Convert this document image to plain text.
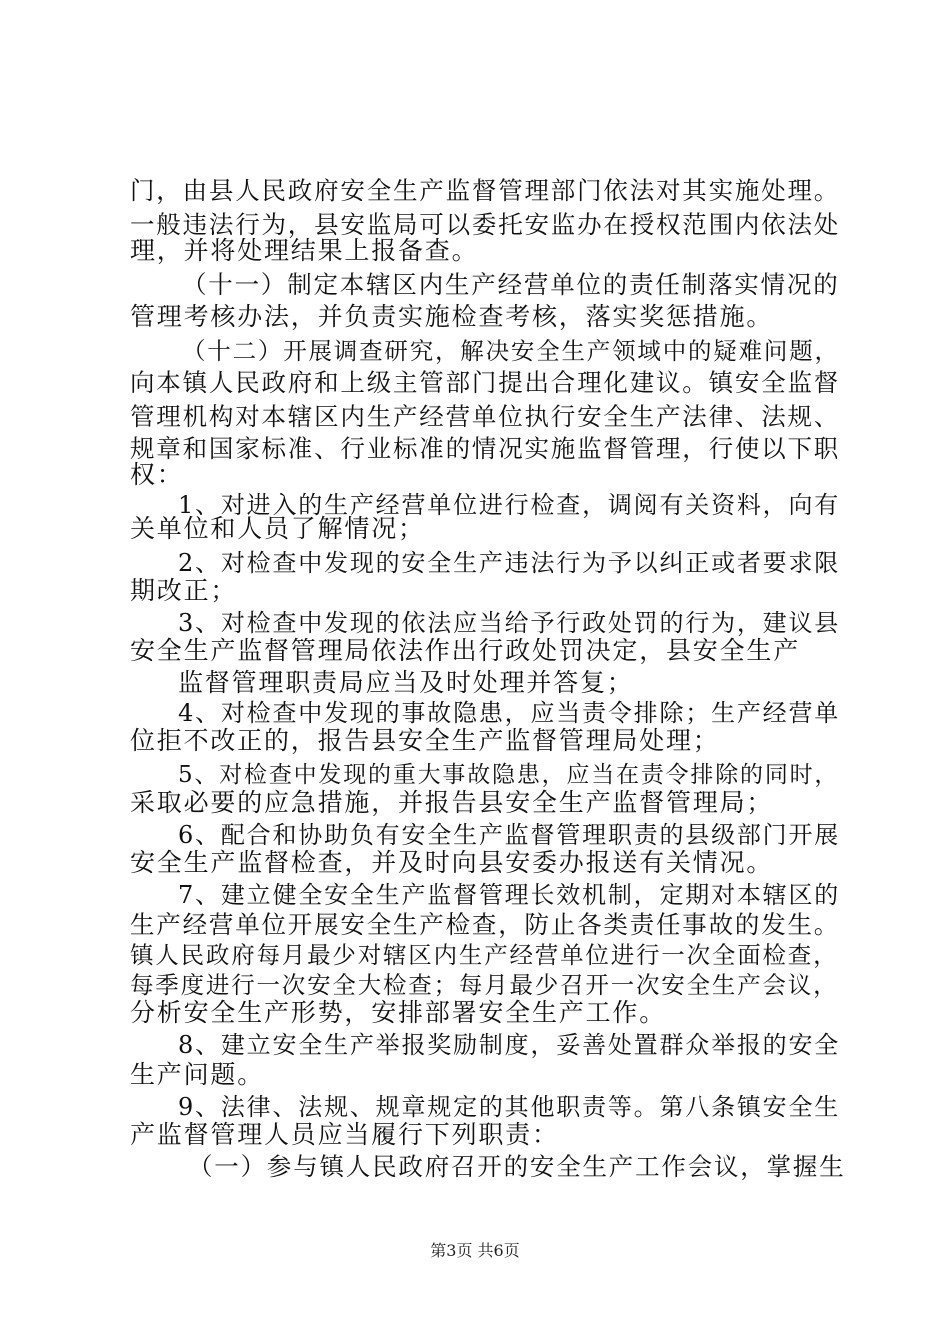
门，由县人民政府安全生产监督管理部门依法对其实施处理。
一般违法行为，县安监局可以委托安监办在授权范围内依法处
理，并将处理结果上报备查。
（十一）制定本辖区内生产经营单位的责任制落实情况的
管理考核办法，并负责实施检查考核，落实奖惩措施。
（十二）开展调查研究，解决安全生产领域中的疑难问题，
向本镇人民政府和上级主管部门提出合理化建议。镇安全监督
管理机构对本辖区内生产经营单位执行安全生产法律、法规、
规章和国家标准、行业标准的情况实施监督管理，行使以下职
权：
1、对进入的生产经营单位进行检查，调阅有关资料，向有
关单位和人员了解情况；
2、对检查中发现的安全生产违法行为予以纠正或者要求限
期改正；
3、对检查中发现的依法应当给予行政处罚的行为，建议县
安全生产监督管理局依法作出行政处罚决定，县安全生产
监督管理职责局应当及时处理并答复；
4、对检查中发现的事故隐患，应当责令排除；生产经营单
位拒不改正的，报告县安全生产监督管理局处理；
5、对检查中发现的重大事故隐患，应当在责令排除的同时，
采取必要的应急措施，并报告县安全生产监督管理局；
6、配合和协助负有安全生产监督管理职责的县级部门开展
安全生产监督检查，并及时向县安委办报送有关情况。
7、建立健全安全生产监督管理长效机制，定期对本辖区的
生产经营单位开展安全生产检查，防止各类责任事故的发生。
镇人民政府每月最少对辖区内生产经营单位进行一次全面检查，
每季度进行一次安全大检查；每月最少召开一次安全生产会议，
分析安全生产形势，安排部署安全生产工作。
8、建立安全生产举报奖励制度，妥善处置群众举报的安全
生产问题。
9、法律、法规、规章规定的其他职责等。第八条镇安全生
产监督管理人员应当履行下列职责：
（一）参与镇人民政府召开的安全生产工作会议，掌握生
第3页 共6页
